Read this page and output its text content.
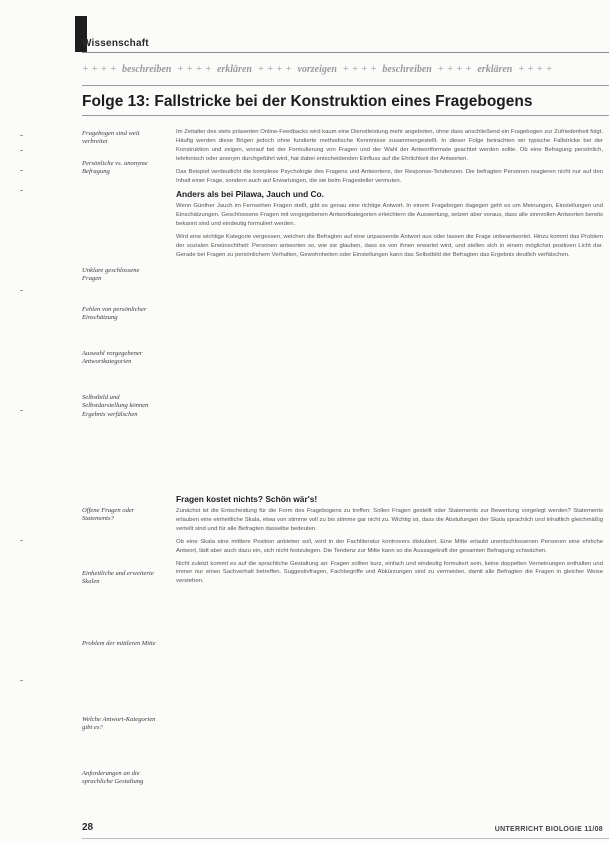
Wissenschaft
+ + + + beschreiben + + + + erklären + + + + vorzeigen + + + + beschreiben + + + + erklären + + + +
Folge 13: Fallstricke bei der Konstruktion eines Fragebogens
Fragebogen sind weit verbreitet
Persönliche vs. anonyme Befragung
Unklare geschlossene Fragen
Fehlen von persönlicher Einschätzung
Auswahl vorgegebener Antwortkategorien
Selbstbild und Selbstdarstellung können Ergebnis verfälschen
Offene Fragen oder Statements?
Einheitliche und erweiterte Skalen
Problem der mittleren Mitte
Welche Antwort-Kategorien gibt es?
Anforderungen an die sprachliche Gestaltung

Im Zeitalter des stets präsenten Online-Feedbacks wird kaum eine Dienstleistung mehr angeboten, ohne dass anschließend ein Fragebogen zur Zufriedenheit folgt. Häufig werden diese Bögen jedoch ohne fundierte methodische Kenntnisse zusammengestellt. In dieser Folge betrachten wir typische Fallstricke bei der Konstruktion und zeigen, worauf bei der Formulierung von Fragen und der Wahl der Antwortformate geachtet werden sollte. Ob eine Befragung persönlich, telefonisch oder anonym durchgeführt wird, hat dabei entscheidenden Einfluss auf die Ehrlichkeit der Antworten.

Das Beispiel verdeutlicht die komplexe Psychologie des Fragens und Antwortens, der Response-Tendenzen. Die befragten Personen reagieren nicht nur auf den Inhalt einer Frage, sondern auch auf Erwartungen, die sie beim Fragesteller vermuten.

Anders als bei Pilawa, Jauch und Co.

Wenn Günther Jauch im Fernsehen Fragen stellt, gibt es genau eine richtige Antwort. In einem Fragebogen dagegen geht es um Meinungen, Einstellungen und Einschätzungen. Geschlossene Fragen mit vorgegebenen Antwortkategorien erleichtern die Auswertung, setzen aber voraus, dass alle sinnvollen Antworten bereits bekannt sind und eindeutig formuliert werden.

Wird eine wichtige Kategorie vergessen, weichen die Befragten auf eine unpassende Antwort aus oder lassen die Frage unbeantwortet. Hinzu kommt das Problem der sozialen Erwünschtheit: Personen antworten so, wie sie glauben, dass es von ihnen erwartet wird, und stellen sich in einem möglichst positiven Licht dar. Gerade bei Fragen zu persönlichem Verhalten, Gewohnheiten oder Einstellungen kann das Selbstbild der Befragten das Ergebnis deutlich verfälschen.

Fragen kostet nichts? Schön wär's!

Zunächst ist die Entscheidung für die Form des Fragebogens zu treffen: Sollen Fragen gestellt oder Statements zur Bewertung vorgelegt werden? Statements erlauben eine einheitliche Skala, etwa von stimme voll zu bis stimme gar nicht zu. Wichtig ist, dass die Abstufungen der Skala sprachlich und inhaltlich gleichmäßig verteilt sind und für alle Befragten dasselbe bedeuten.

Ob eine Skala eine mittlere Position anbieten soll, wird in der Fachliteratur kontrovers diskutiert. Eine Mitte erlaubt unentschlossenen Personen eine ehrliche Antwort, lädt aber auch dazu ein, sich nicht festzulegen. Die Tendenz zur Mitte kann so die Aussagekraft der gesamten Befragung schwächen.

Nicht zuletzt kommt es auf die sprachliche Gestaltung an: Fragen sollten kurz, einfach und eindeutig formuliert sein, keine doppelten Verneinungen enthalten und immer nur einen Sachverhalt betreffen. Suggestivfragen, Fachbegriffe und Abkürzungen sind zu vermeiden, damit alle Befragten die Fragen in gleicher Weise verstehen.

28	UNTERRICHT BIOLOGIE 11/08
